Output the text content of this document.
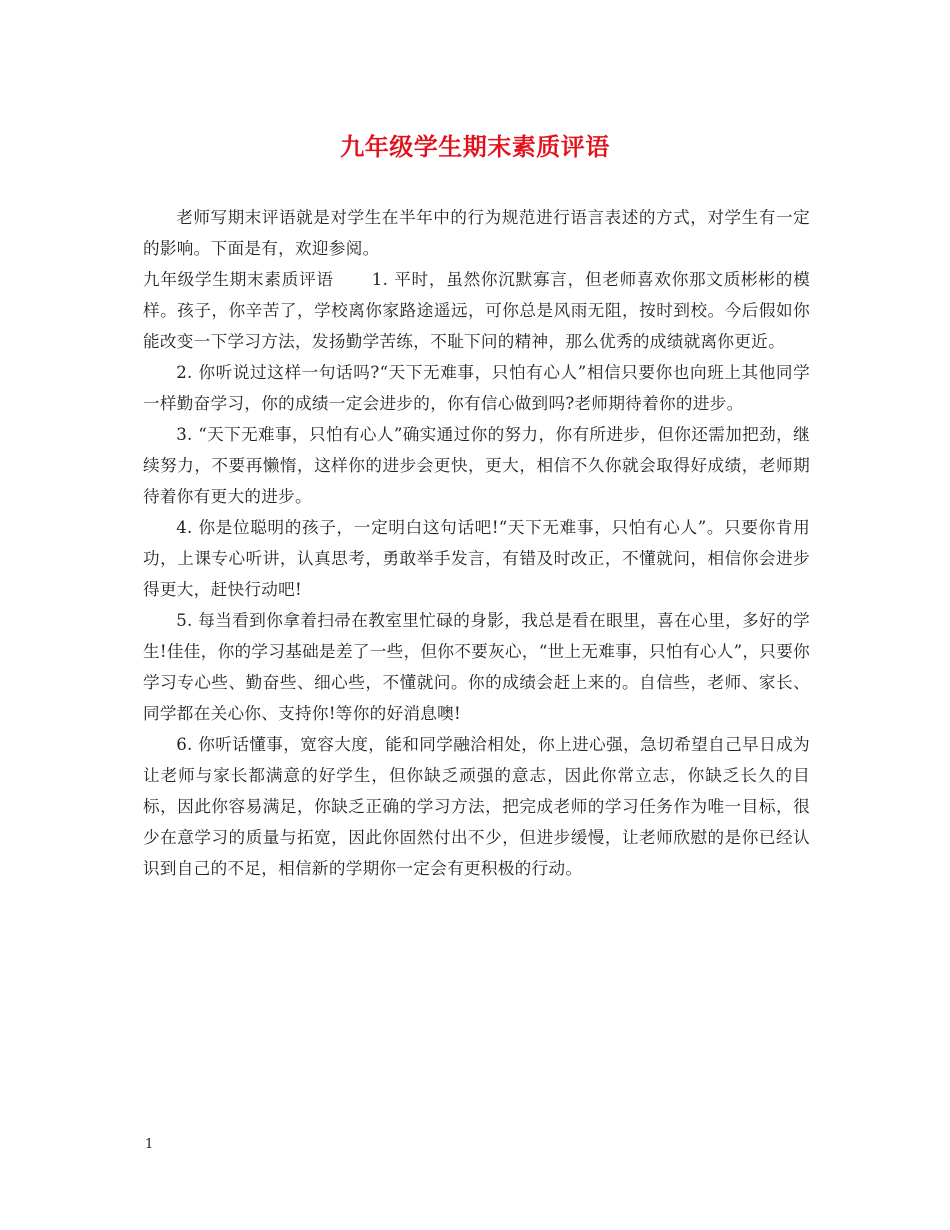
九年级学生期末素质评语

老师写期末评语就是对学生在半年中的行为规范进行语言表述的方式，对学生有一定的影响。下面是有，欢迎参阅。

九年级学生期末素质评语 1. 平时，虽然你沉默寡言，但老师喜欢你那文质彬彬的模样。孩子，你辛苦了，学校离你家路途遥远，可你总是风雨无阻，按时到校。今后假如你能改变一下学习方法，发扬勤学苦练，不耻下问的精神，那么优秀的成绩就离你更近。

2. 你听说过这样一句话吗?“天下无难事，只怕有心人”相信只要你也向班上其他同学一样勤奋学习，你的成绩一定会进步的，你有信心做到吗?老师期待着你的进步。

3. “天下无难事，只怕有心人”确实通过你的努力，你有所进步，但你还需加把劲，继续努力，不要再懒惰，这样你的进步会更快，更大，相信不久你就会取得好成绩，老师期待着你有更大的进步。

4. 你是位聪明的孩子，一定明白这句话吧!“天下无难事，只怕有心人”。只要你肯用功，上课专心听讲，认真思考，勇敢举手发言，有错及时改正，不懂就问，相信你会进步得更大，赶快行动吧!

5. 每当看到你拿着扫帚在教室里忙碌的身影，我总是看在眼里，喜在心里，多好的学生!佳佳，你的学习基础是差了一些，但你不要灰心，“世上无难事，只怕有心人”，只要你学习专心些、勤奋些、细心些，不懂就问。你的成绩会赶上来的。自信些，老师、家长、同学都在关心你、支持你!等你的好消息噢!

6. 你听话懂事，宽容大度，能和同学融洽相处，你上进心强，急切希望自己早日成为让老师与家长都满意的好学生，但你缺乏顽强的意志，因此你常立志，你缺乏长久的目标，因此你容易满足，你缺乏正确的学习方法，把完成老师的学习任务作为唯一目标，很少在意学习的质量与拓宽，因此你固然付出不少，但进步缓慢，让老师欣慰的是你已经认识到自己的不足，相信新的学期你一定会有更积极的行动。

1
